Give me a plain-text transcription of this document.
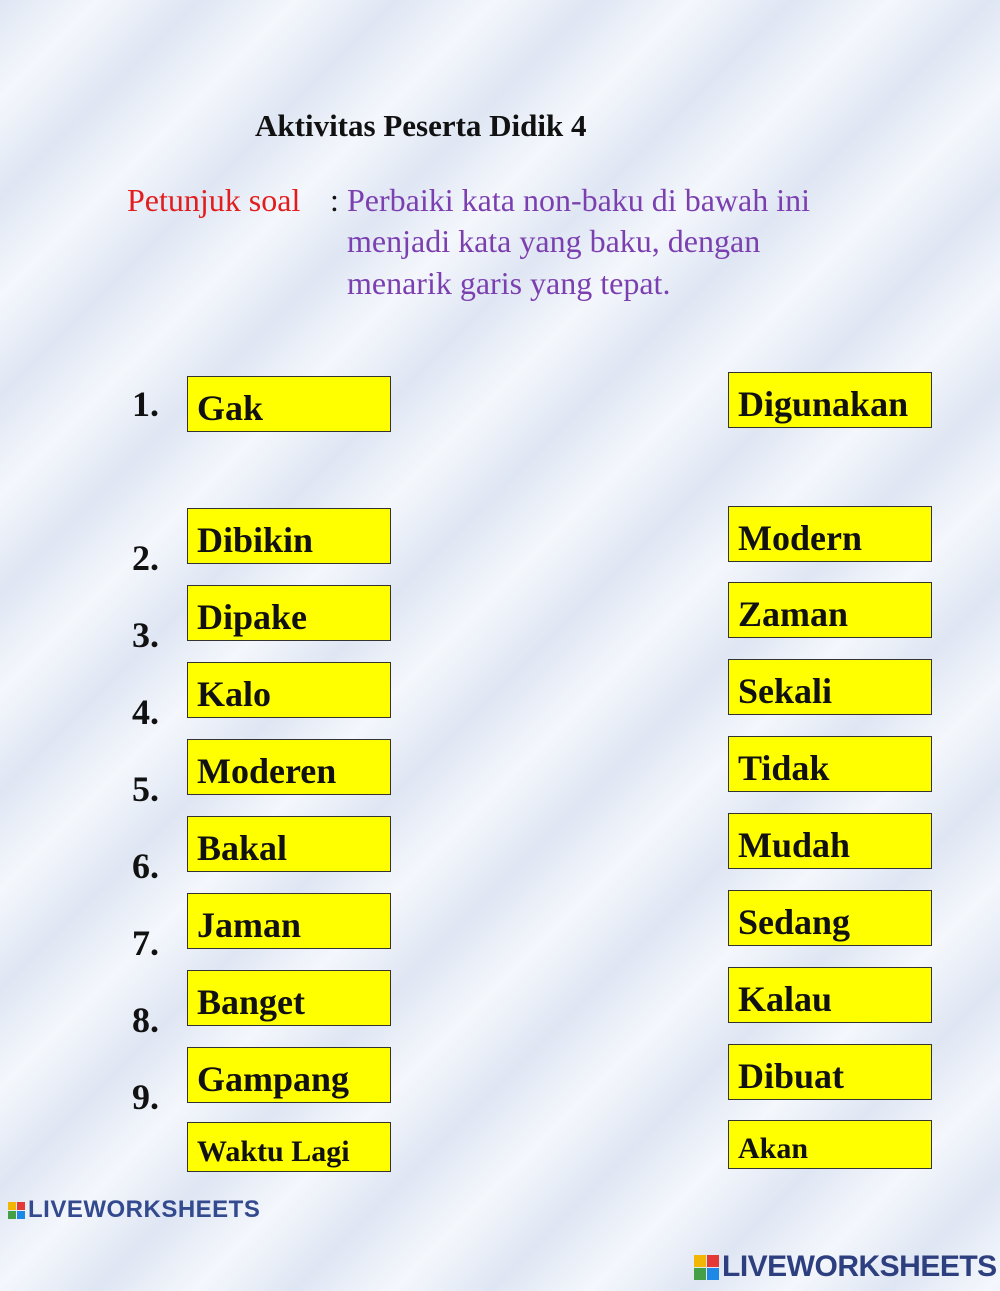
Aktivitas Peserta Didik 4
Petunjuk soal : Perbaiki kata non-baku di bawah ini
menjadi kata yang baku, dengan
menarik garis yang tepat.
1.
2.
3.
4.
5.
6.
7.
8.
9.
Gak
Dibikin
Dipake
Kalo
Moderen
Bakal
Jaman
Banget
Gampang
Waktu Lagi
Digunakan
Modern
Zaman
Sekali
Tidak
Mudah
Sedang
Kalau
Dibuat
Akan
LIVEWORKSHEETS
LIVEWORKSHEETS
